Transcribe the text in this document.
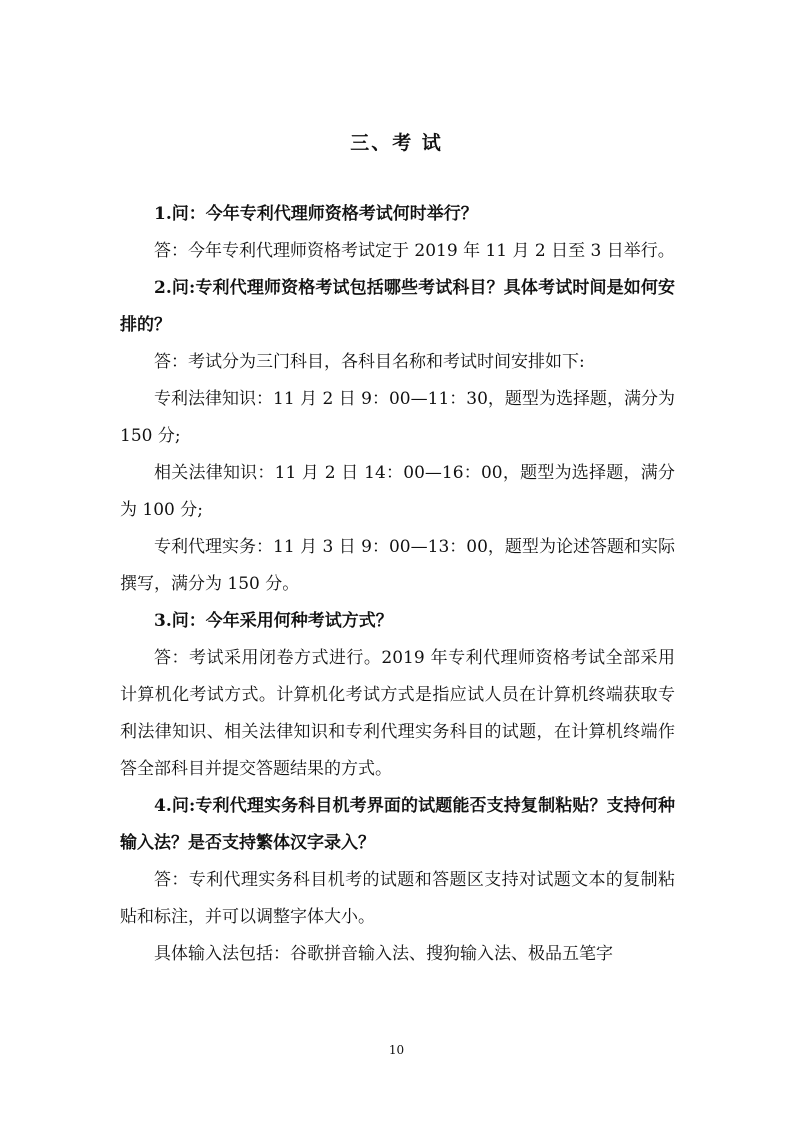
三、考 试

1.问：今年专利代理师资格考试何时举行？

答：今年专利代理师资格考试定于 2019 年 11 月 2 日至 3 日举行。

2.问:专利代理师资格考试包括哪些考试科目？具体考试时间是如何安排的？

答：考试分为三门科目，各科目名称和考试时间安排如下:

专利法律知识：11 月 2 日 9：00—11：30，题型为选择题，满分为 150 分;

相关法律知识：11 月 2 日 14：00—16：00，题型为选择题，满分为 100 分;

专利代理实务：11 月 3 日 9：00—13：00，题型为论述答题和实际撰写，满分为 150 分。

3.问：今年采用何种考试方式？

答：考试采用闭卷方式进行。2019 年专利代理师资格考试全部采用计算机化考试方式。计算机化考试方式是指应试人员在计算机终端获取专利法律知识、相关法律知识和专利代理实务科目的试题，在计算机终端作答全部科目并提交答题结果的方式。

4.问:专利代理实务科目机考界面的试题能否支持复制粘贴？支持何种输入法？是否支持繁体汉字录入？

答：专利代理实务科目机考的试题和答题区支持对试题文本的复制粘贴和标注，并可以调整字体大小。

具体输入法包括：谷歌拼音输入法、搜狗输入法、极品五笔字

10
